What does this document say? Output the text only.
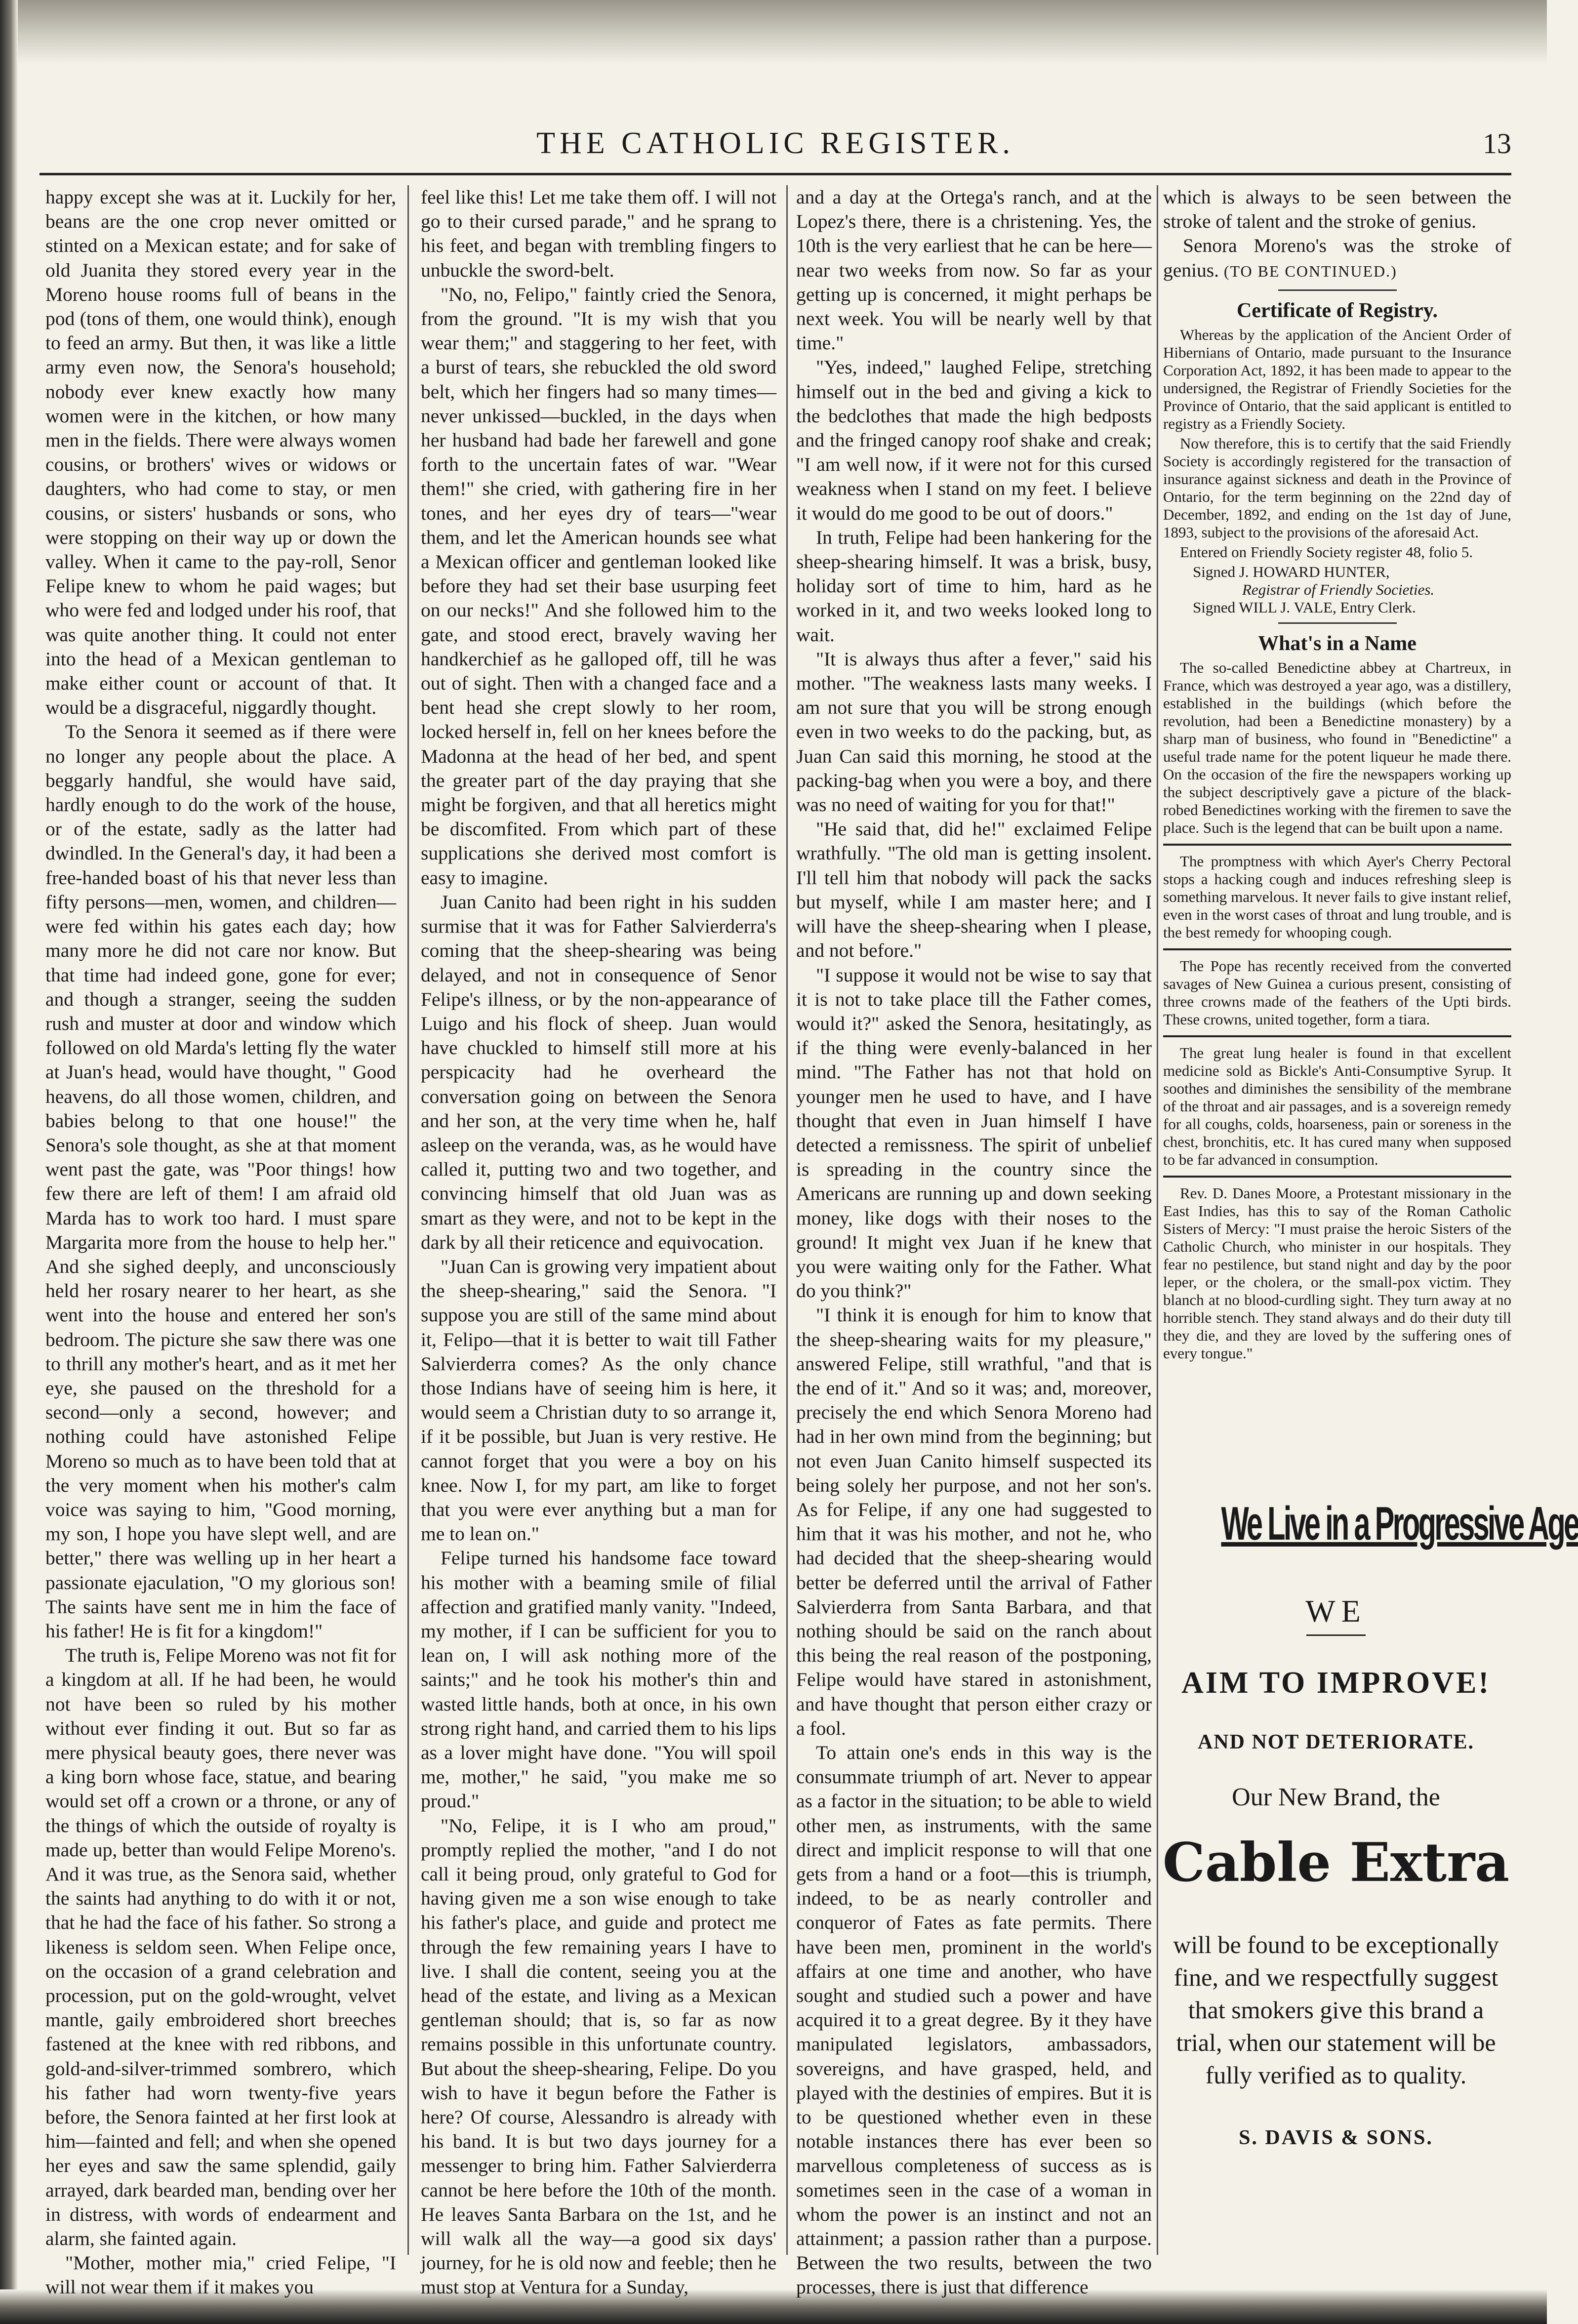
THE CATHOLIC REGISTER.	13

happy except she was at it. Luckily for her, beans are the one crop never omitted or stinted on a Mexican estate; and for sake of old Juanita they stored every year in the Moreno house rooms full of beans in the pod (tons of them, one would think), enough to feed an army. But then, it was like a little army even now, the Senora's household; nobody ever knew exactly how many women were in the kitchen, or how many men in the fields. There were always women cousins, or brothers' wives or widows or daughters, who had come to stay, or men cousins, or sisters' husbands or sons, who were stopping on their way up or down the valley. When it came to the pay-roll, Senor Felipe knew to whom he paid wages; but who were fed and lodged under his roof, that was quite another thing. It could not enter into the head of a Mexican gentleman to make either count or account of that. It would be a disgraceful, niggardly thought.

To the Senora it seemed as if there were no longer any people about the place. A beggarly handful, she would have said, hardly enough to do the work of the house, or of the estate, sadly as the latter had dwindled. In the General's day, it had been a free-handed boast of his that never less than fifty persons—men, women, and children—were fed within his gates each day; how many more he did not care nor know. But that time had indeed gone, gone for ever; and though a stranger, seeing the sudden rush and muster at door and window which followed on old Marda's letting fly the water at Juan's head, would have thought, " Good heavens, do all those women, children, and babies belong to that one house!" the Senora's sole thought, as she at that moment went past the gate, was "Poor things! how few there are left of them! I am afraid old Marda has to work too hard. I must spare Margarita more from the house to help her." And she sighed deeply, and unconsciously held her rosary nearer to her heart, as she went into the house and entered her son's bedroom. The picture she saw there was one to thrill any mother's heart, and as it met her eye, she paused on the threshold for a second—only a second, however; and nothing could have astonished Felipe Moreno so much as to have been told that at the very moment when his mother's calm voice was saying to him, "Good morning, my son, I hope you have slept well, and are better," there was welling up in her heart a passionate ejaculation, "O my glorious son! The saints have sent me in him the face of his father! He is fit for a kingdom!"

The truth is, Felipe Moreno was not fit for a kingdom at all. If he had been, he would not have been so ruled by his mother without ever finding it out. But so far as mere physical beauty goes, there never was a king born whose face, statue, and bearing would set off a crown or a throne, or any of the things of which the outside of royalty is made up, better than would Felipe Moreno's. And it was true, as the Senora said, whether the saints had anything to do with it or not, that he had the face of his father. So strong a likeness is seldom seen. When Felipe once, on the occasion of a grand celebration and procession, put on the gold-wrought, velvet mantle, gaily embroidered short breeches fastened at the knee with red ribbons, and gold-and-silver-trimmed sombrero, which his father had worn twenty-five years before, the Senora fainted at her first look at him—fainted and fell; and when she opened her eyes and saw the same splendid, gaily arrayed, dark bearded man, bending over her in distress, with words of endearment and alarm, she fainted again.

"Mother, mother mia," cried Felipe, "I will not wear them if it makes you

feel like this! Let me take them off. I will not go to their cursed parade," and he sprang to his feet, and began with trembling fingers to unbuckle the sword-belt.

"No, no, Felipo," faintly cried the Senora, from the ground. "It is my wish that you wear them;" and staggering to her feet, with a burst of tears, she rebuckled the old sword belt, which her fingers had so many times—never unkissed—buckled, in the days when her husband had bade her farewell and gone forth to the uncertain fates of war. "Wear them!" she cried, with gathering fire in her tones, and her eyes dry of tears—"wear them, and let the American hounds see what a Mexican officer and gentleman looked like before they had set their base usurping feet on our necks!" And she followed him to the gate, and stood erect, bravely waving her handkerchief as he galloped off, till he was out of sight. Then with a changed face and a bent head she crept slowly to her room, locked herself in, fell on her knees before the Madonna at the head of her bed, and spent the greater part of the day praying that she might be forgiven, and that all heretics might be discomfited. From which part of these supplications she derived most comfort is easy to imagine.

Juan Canito had been right in his sudden surmise that it was for Father Salvierderra's coming that the sheep-shearing was being delayed, and not in consequence of Senor Felipe's illness, or by the non-appearance of Luigo and his flock of sheep. Juan would have chuckled to himself still more at his perspicacity had he overheard the conversation going on between the Senora and her son, at the very time when he, half asleep on the veranda, was, as he would have called it, putting two and two together, and convincing himself that old Juan was as smart as they were, and not to be kept in the dark by all their reticence and equivocation.

"Juan Can is growing very impatient about the sheep-shearing," said the Senora. "I suppose you are still of the same mind about it, Felipo—that it is better to wait till Father Salvierderra comes? As the only chance those Indians have of seeing him is here, it would seem a Christian duty to so arrange it, if it be possible, but Juan is very restive. He cannot forget that you were a boy on his knee. Now I, for my part, am like to forget that you were ever anything but a man for me to lean on."

Felipe turned his handsome face toward his mother with a beaming smile of filial affection and gratified manly vanity. "Indeed, my mother, if I can be sufficient for you to lean on, I will ask nothing more of the saints;" and he took his mother's thin and wasted little hands, both at once, in his own strong right hand, and carried them to his lips as a lover might have done. "You will spoil me, mother," he said, "you make me so proud."

"No, Felipe, it is I who am proud," promptly replied the mother, "and I do not call it being proud, only grateful to God for having given me a son wise enough to take his father's place, and guide and protect me through the few remaining years I have to live. I shall die content, seeing you at the head of the estate, and living as a Mexican gentleman should; that is, so far as now remains possible in this unfortunate country. But about the sheep-shearing, Felipe. Do you wish to have it begun before the Father is here? Of course, Alessandro is already with his band. It is but two days journey for a messenger to bring him. Father Salvierderra cannot be here before the 10th of the month. He leaves Santa Barbara on the 1st, and he will walk all the way—a good six days' journey, for he is old now and feeble; then he must stop at Ventura for a Sunday,

and a day at the Ortega's ranch, and at the Lopez's there, there is a christening. Yes, the 10th is the very earliest that he can be here—near two weeks from now. So far as your getting up is concerned, it might perhaps be next week. You will be nearly well by that time."

"Yes, indeed," laughed Felipe, stretching himself out in the bed and giving a kick to the bedclothes that made the high bedposts and the fringed canopy roof shake and creak; "I am well now, if it were not for this cursed weakness when I stand on my feet. I believe it would do me good to be out of doors."

In truth, Felipe had been hankering for the sheep-shearing himself. It was a brisk, busy, holiday sort of time to him, hard as he worked in it, and two weeks looked long to wait.

"It is always thus after a fever," said his mother. "The weakness lasts many weeks. I am not sure that you will be strong enough even in two weeks to do the packing, but, as Juan Can said this morning, he stood at the packing-bag when you were a boy, and there was no need of waiting for you for that!"

"He said that, did he!" exclaimed Felipe wrathfully. "The old man is getting insolent. I'll tell him that nobody will pack the sacks but myself, while I am master here; and I will have the sheep-shearing when I please, and not before."

"I suppose it would not be wise to say that it is not to take place till the Father comes, would it?" asked the Senora, hesitatingly, as if the thing were evenly-balanced in her mind. "The Father has not that hold on younger men he used to have, and I have thought that even in Juan himself I have detected a remissness. The spirit of unbelief is spreading in the country since the Americans are running up and down seeking money, like dogs with their noses to the ground! It might vex Juan if he knew that you were waiting only for the Father. What do you think?"

"I think it is enough for him to know that the sheep-shearing waits for my pleasure," answered Felipe, still wrathful, "and that is the end of it." And so it was; and, moreover, precisely the end which Senora Moreno had had in her own mind from the beginning; but not even Juan Canito himself suspected its being solely her purpose, and not her son's. As for Felipe, if any one had suggested to him that it was his mother, and not he, who had decided that the sheep-shearing would better be deferred until the arrival of Father Salvierderra from Santa Barbara, and that nothing should be said on the ranch about this being the real reason of the postponing, Felipe would have stared in astonishment, and have thought that person either crazy or a fool.

To attain one's ends in this way is the consummate triumph of art. Never to appear as a factor in the situation; to be able to wield other men, as instruments, with the same direct and implicit response to will that one gets from a hand or a foot—this is triumph, indeed, to be as nearly controller and conqueror of Fates as fate permits. There have been men, prominent in the world's affairs at one time and another, who have sought and studied such a power and have acquired it to a great degree. By it they have manipulated legislators, ambassadors, sovereigns, and have grasped, held, and played with the destinies of empires. But it is to be questioned whether even in these notable instances there has ever been so marvellous completeness of success as is sometimes seen in the case of a woman in whom the power is an instinct and not an attainment; a passion rather than a purpose. Between the two results, between the two processes, there is just that difference

which is always to be seen between the stroke of talent and the stroke of genius.

Senora Moreno's was the stroke of genius. (TO BE CONTINUED.)

Certificate of Registry.

Whereas by the application of the Ancient Order of Hibernians of Ontario, made pursuant to the Insurance Corporation Act, 1892, it has been made to appear to the undersigned, the Registrar of Friendly Societies for the Province of Ontario, that the said applicant is entitled to registry as a Friendly Society.

Now therefore, this is to certify that the said Friendly Society is accordingly registered for the transaction of insurance against sickness and death in the Province of Ontario, for the term beginning on the 22nd day of December, 1892, and ending on the 1st day of June, 1893, subject to the provisions of the aforesaid Act.

Entered on Friendly Society register 48, folio 5.

Signed J. HOWARD HUNTER,
Registrar of Friendly Societies.
Signed WILL J. VALE, Entry Clerk.
What's in a Name

The so-called Benedictine abbey at Chartreux, in France, which was destroyed a year ago, was a distillery, established in the buildings (which before the revolution, had been a Benedictine monastery) by a sharp man of business, who found in "Benedictine" a useful trade name for the potent liqueur he made there. On the occasion of the fire the newspapers working up the subject descriptively gave a picture of the black-robed Benedictines working with the firemen to save the place. Such is the legend that can be built upon a name.

The promptness with which Ayer's Cherry Pectoral stops a hacking cough and induces refreshing sleep is something marvelous. It never fails to give instant relief, even in the worst cases of throat and lung trouble, and is the best remedy for whooping cough.

The Pope has recently received from the converted savages of New Guinea a curious present, consisting of three crowns made of the feathers of the Upti birds. These crowns, united together, form a tiara.

The great lung healer is found in that excellent medicine sold as Bickle's Anti-Consumptive Syrup. It soothes and diminishes the sensibility of the membrane of the throat and air passages, and is a sovereign remedy for all coughs, colds, hoarseness, pain or soreness in the chest, bronchitis, etc. It has cured many when supposed to be far advanced in consumption.

Rev. D. Danes Moore, a Protestant missionary in the East Indies, has this to say of the Roman Catholic Sisters of Mercy: "I must praise the heroic Sisters of the Catholic Church, who minister in our hospitals. They fear no pestilence, but stand night and day by the poor leper, or the cholera, or the small-pox victim. They blanch at no blood-curdling sight. They turn away at no horrible stench. They stand always and do their duty till they die, and they are loved by the suffering ones of every tongue."

We Live in a Progressive Age
WE
AIM TO IMPROVE!
AND NOT DETERIORATE.
Our New Brand, the
Cable Extra
will be found to be exceptionally fine, and we respectfully suggest that smokers give this brand a trial, when our statement will be fully verified as to quality.
S. DAVIS & SONS.
